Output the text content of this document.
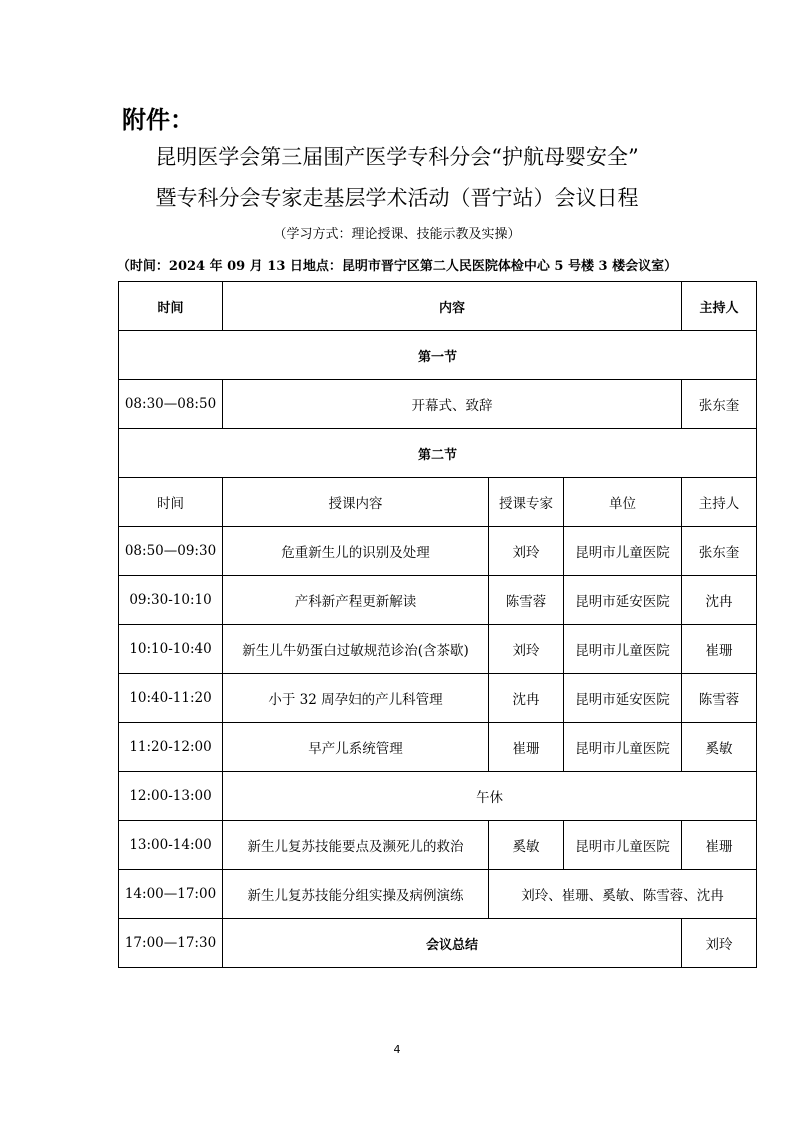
附件：
昆明医学会第三届围产医学专科分会“护航母婴安全”
暨专科分会专家走基层学术活动（晋宁站）会议日程
（学习方式：理论授课、技能示教及实操）
（时间：2024 年 09 月 13 日地点：昆明市晋宁区第二人民医院体检中心 5 号楼 3 楼会议室）
时间	内容			主持人
第一节				
08:30—08:50	开幕式、致辞			张东奎
第二节				
时间	授课内容	授课专家	单位	主持人
08:50—09:30	危重新生儿的识别及处理	刘玲	昆明市儿童医院	张东奎
09:30-10:10	产科新产程更新解读	陈雪蓉	昆明市延安医院	沈冉
10:10-10:40	新生儿牛奶蛋白过敏规范诊治(含茶歇)	刘玲	昆明市儿童医院	崔珊
10:40-11:20	小于 32 周孕妇的产儿科管理	沈冉	昆明市延安医院	陈雪蓉
11:20-12:00	早产儿系统管理	崔珊	昆明市儿童医院	奚敏
12:00-13:00	午休			
13:00-14:00	新生儿复苏技能要点及濒死儿的救治	奚敏	昆明市儿童医院	崔珊
14:00—17:00	新生儿复苏技能分组实操及病例演练	刘玲、崔珊、奚敏、陈雪蓉、沈冉		
17:00—17:30	会议总结			刘玲
4
